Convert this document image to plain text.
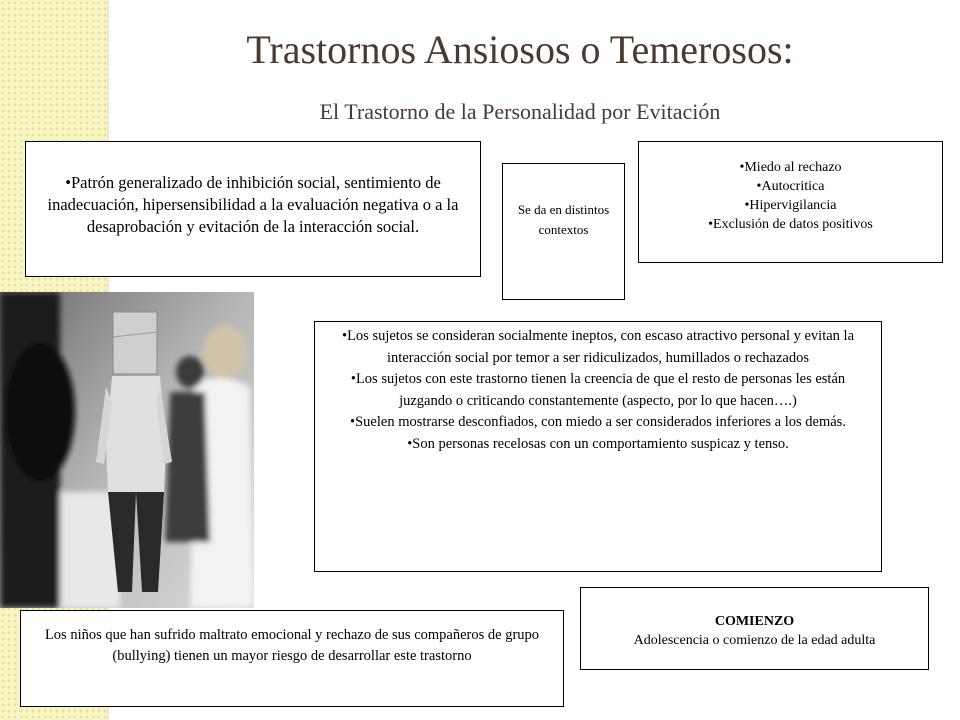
Trastornos Ansiosos o Temerosos:
El Trastorno de la Personalidad por Evitación
• Patrón generalizado de inhibición social, sentimiento de inadecuación, hipersensibilidad a la evaluación negativa o a la desaprobación y evitación de la interacción social.
Se da en distintos contextos
• Miedo al rechazo
• Autocritica
• Hipervigilancia
• Exclusión de datos positivos
• Los sujetos se consideran socialmente ineptos, con escaso atractivo personal y evitan la interacción social por temor a ser ridiculizados, humillados o rechazados
• Los sujetos con este trastorno tienen la creencia de que el resto de personas les están juzgando o criticando constantemente (aspecto, por lo que hacen….)
• Suelen mostrarse desconfiados, con miedo a ser considerados inferiores a los demás.
• Son personas recelosas con un comportamiento suspicaz y tenso.
COMIENZO
Adolescencia o comienzo de la edad adulta
Los niños que han sufrido maltrato emocional y rechazo de sus compañeros de grupo (bullying) tienen un mayor riesgo de desarrollar este trastorno
